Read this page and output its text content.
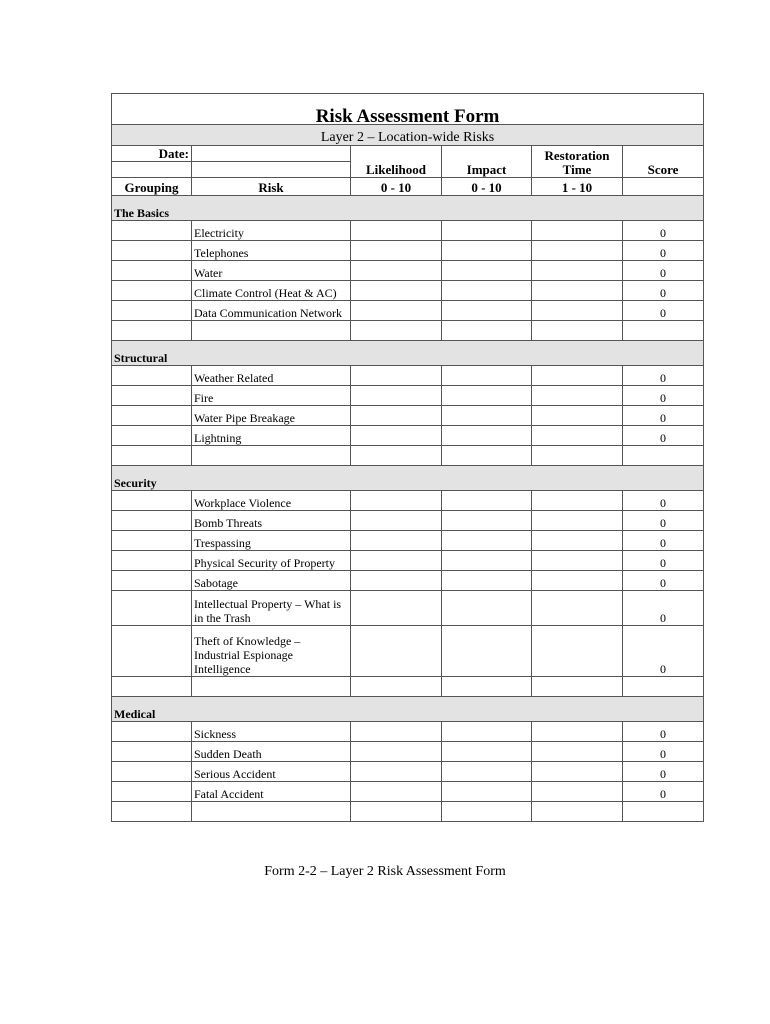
Risk Assessment Form					
Layer 2 – Location-wide Risks					
Date:		Likelihood	Impact	Restoration
Time	Score

Grouping	Risk	0 - 10	0 - 10	1 - 10	
The Basics					
	Electricity				0
	Telephones				0
	Water				0
	Climate Control (Heat & AC)				0
	Data Communication Network				0

Structural					
	Weather Related				0
	Fire				0
	Water Pipe Breakage				0
	Lightning				0

Security					
	Workplace Violence				0
	Bomb Threats				0
	Trespassing				0
	Physical Security of Property				0
	Sabotage				0
	Intellectual Property – What is in the Trash				0
	Theft of Knowledge – Industrial Espionage Intelligence				0

Medical					
	Sickness				0
	Sudden Death				0
	Serious Accident				0
	Fatal Accident				0

Form 2-2 – Layer 2 Risk Assessment Form
